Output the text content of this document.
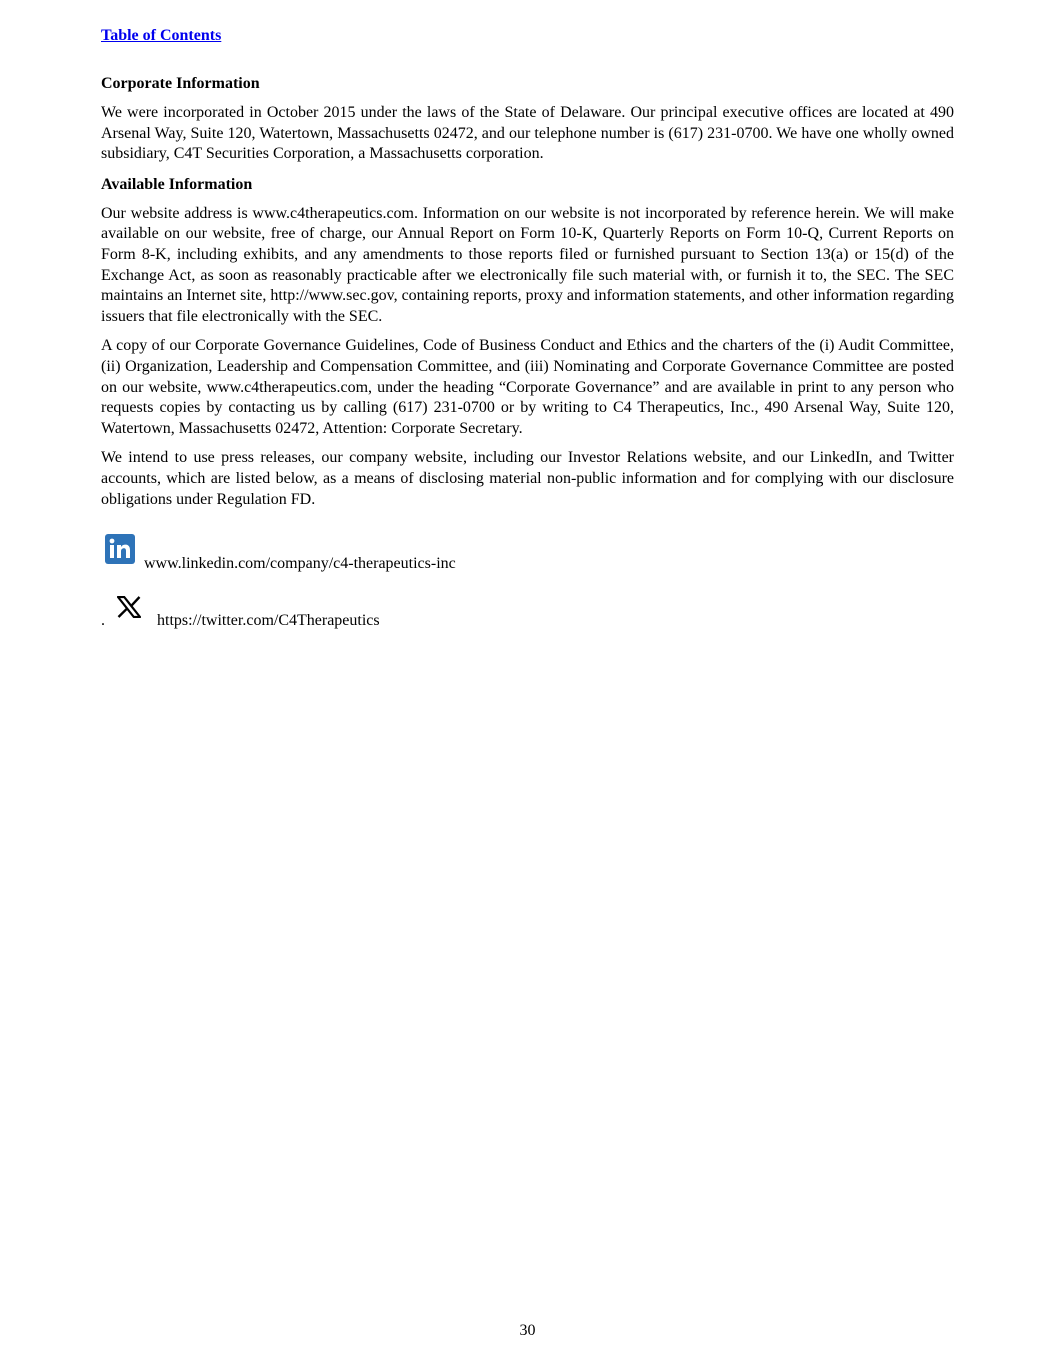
Table of Contents
Corporate Information

We were incorporated in October 2015 under the laws of the State of Delaware. Our principal executive offices are located at 490 Arsenal Way, Suite 120, Watertown, Massachusetts 02472, and our telephone number is (617) 231-0700. We have one wholly owned subsidiary, C4T Securities Corporation, a Massachusetts corporation.

Available Information

Our website address is www.c4therapeutics.com. Information on our website is not incorporated by reference herein. We will make available on our website, free of charge, our Annual Report on Form 10-K, Quarterly Reports on Form 10-Q, Current Reports on Form 8-K, including exhibits, and any amendments to those reports filed or furnished pursuant to Section 13(a) or 15(d) of the Exchange Act, as soon as reasonably practicable after we electronically file such material with, or furnish it to, the SEC. The SEC maintains an Internet site, http://www.sec.gov, containing reports, proxy and information statements, and other information regarding issuers that file electronically with the SEC.

A copy of our Corporate Governance Guidelines, Code of Business Conduct and Ethics and the charters of the (i) Audit Committee, (ii) Organization, Leadership and Compensation Committee, and (iii) Nominating and Corporate Governance Committee are posted on our website, www.c4therapeutics.com, under the heading “Corporate Governance” and are available in print to any person who requests copies by contacting us by calling (617) 231-0700 or by writing to C4 Therapeutics, Inc., 490 Arsenal Way, Suite 120, Watertown, Massachusetts 02472, Attention: Corporate Secretary.

We intend to use press releases, our company website, including our Investor Relations website, and our LinkedIn, and Twitter accounts, which are listed below, as a means of disclosing material non-public information and for complying with our disclosure obligations under Regulation FD.

www.linkedin.com/company/c4-therapeutics-inc
.	https://twitter.com/C4Therapeutics
30
